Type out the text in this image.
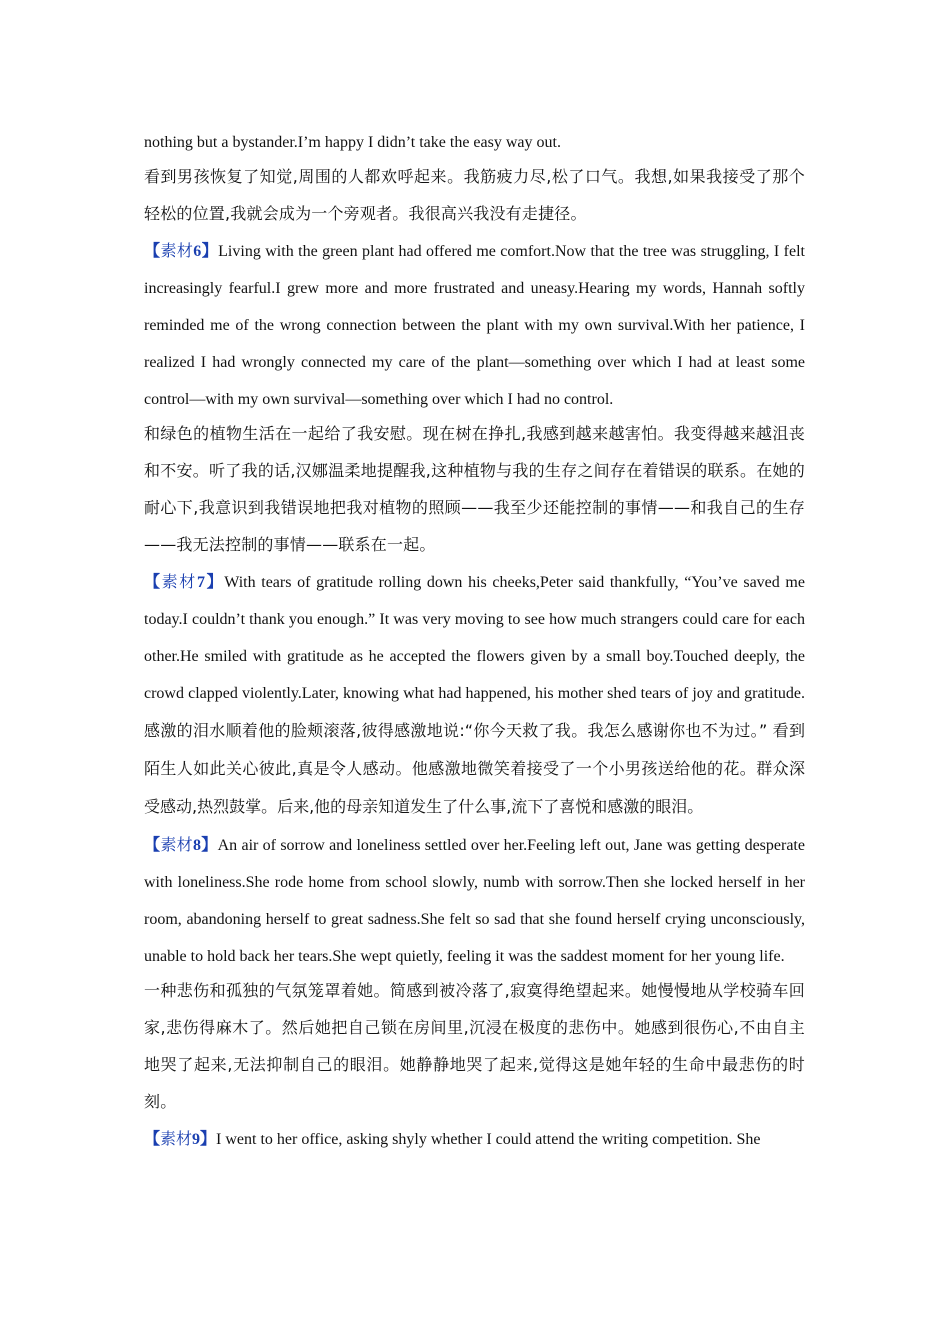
nothing but a bystander.I’m happy I didn’t take the easy way out.

看到男孩恢复了知觉,周围的人都欢呼起来。我筋疲力尽,松了口气。我想,如果我接受了那个轻松的位置,我就会成为一个旁观者。我很高兴我没有走捷径。

【素材6】Living with the green plant had offered me comfort.Now that the tree was struggling, I felt increasingly fearful.I grew more and more frustrated and uneasy.Hearing my words, Hannah softly reminded me of the wrong connection between the plant with my own survival.With her patience, I realized I had wrongly connected my care of the plant—something over which I had at least some control—with my own survival—something over which I had no control.

和绿色的植物生活在一起给了我安慰。现在树在挣扎,我感到越来越害怕。我变得越来越沮丧和不安。听了我的话,汉娜温柔地提醒我,这种植物与我的生存之间存在着错误的联系。在她的耐心下,我意识到我错误地把我对植物的照顾——我至少还能控制的事情——和我自己的生存——我无法控制的事情——联系在一起。

【素材7】With tears of gratitude rolling down his cheeks,Peter said thankfully, “You’ve saved me today.I couldn’t thank you enough.” It was very moving to see how much strangers could care for each other.He smiled with gratitude as he accepted the flowers given by a small boy.Touched deeply, the crowd clapped violently.Later, knowing what had happened, his mother shed tears of joy and gratitude.感激的泪水顺着他的脸颊滚落,彼得感激地说:“你今天救了我。我怎么感谢你也不为过。” 看到陌生人如此关心彼此,真是令人感动。他感激地微笑着接受了一个小男孩送给他的花。群众深受感动,热烈鼓掌。后来,他的母亲知道发生了什么事,流下了喜悦和感激的眼泪。

【素材8】An air of sorrow and loneliness settled over her.Feeling left out, Jane was getting desperate with loneliness.She rode home from school slowly, numb with sorrow.Then she locked herself in her room, abandoning herself to great sadness.She felt so sad that she found herself crying unconsciously, unable to hold back her tears.She wept quietly, feeling it was the saddest moment for her young life.

一种悲伤和孤独的气氛笼罩着她。简感到被冷落了,寂寞得绝望起来。她慢慢地从学校骑车回家,悲伤得麻木了。然后她把自己锁在房间里,沉浸在极度的悲伤中。她感到很伤心,不由自主地哭了起来,无法抑制自己的眼泪。她静静地哭了起来,觉得这是她年轻的生命中最悲伤的时刻。

【素材9】I went to her office, asking shyly whether I could attend the writing competition. She
